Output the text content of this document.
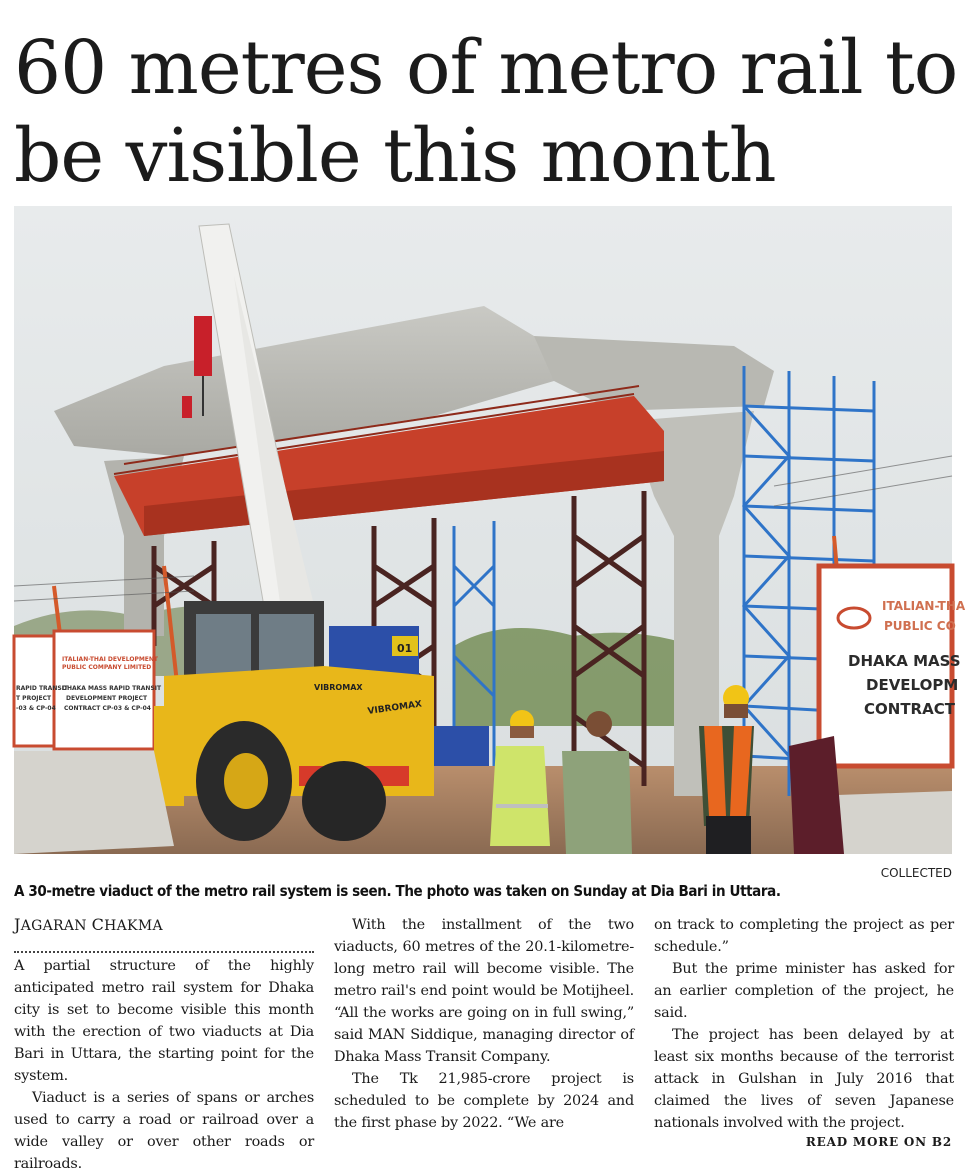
60 metres of metro rail to
be visible this month
RAPID TRANSIT
T PROJECT
-03 & CP-04
ITALIAN-THAI DEVELOPMENT
PUBLIC COMPANY LIMITED
DHAKA MASS RAPID TRANSIT
DEVELOPMENT PROJECT
CONTRACT CP-03 & CP-04
ITALIAN-THA
PUBLIC CO
DHAKA MASS
DEVELOPM
CONTRACT
01
VIBROMAX
VIBROMAX
COLLECTED
A 30-metre viaduct of the metro rail system is seen. The photo was taken on Sunday at Dia Bari in Uttara.
JAGARAN CHAKMA

A partial structure of the highly anticipated metro rail system for Dhaka city is set to become visible this month with the erection of two viaducts at Dia Bari in Uttara, the starting point for the system.

Viaduct is a series of spans or arches used to carry a road or railroad over a wide valley or over other roads or railroads.

With the installment of the two viaducts, 60 metres of the 20.1-kilometre-long metro rail will become visible. The metro rail's end point would be Motijheel. “All the works are going on in full swing,” said MAN Siddique, managing director of Dhaka Mass Transit Company.

The Tk 21,985-crore project is scheduled to be complete by 2024 and the first phase by 2022. “We are

on track to completing the project as per schedule.”

But the prime minister has asked for an earlier completion of the project, he said.

The project has been delayed by at least six months because of the terrorist attack in Gulshan in July 2016 that claimed the lives of seven Japanese nationals involved with the project.

READ MORE ON B2
